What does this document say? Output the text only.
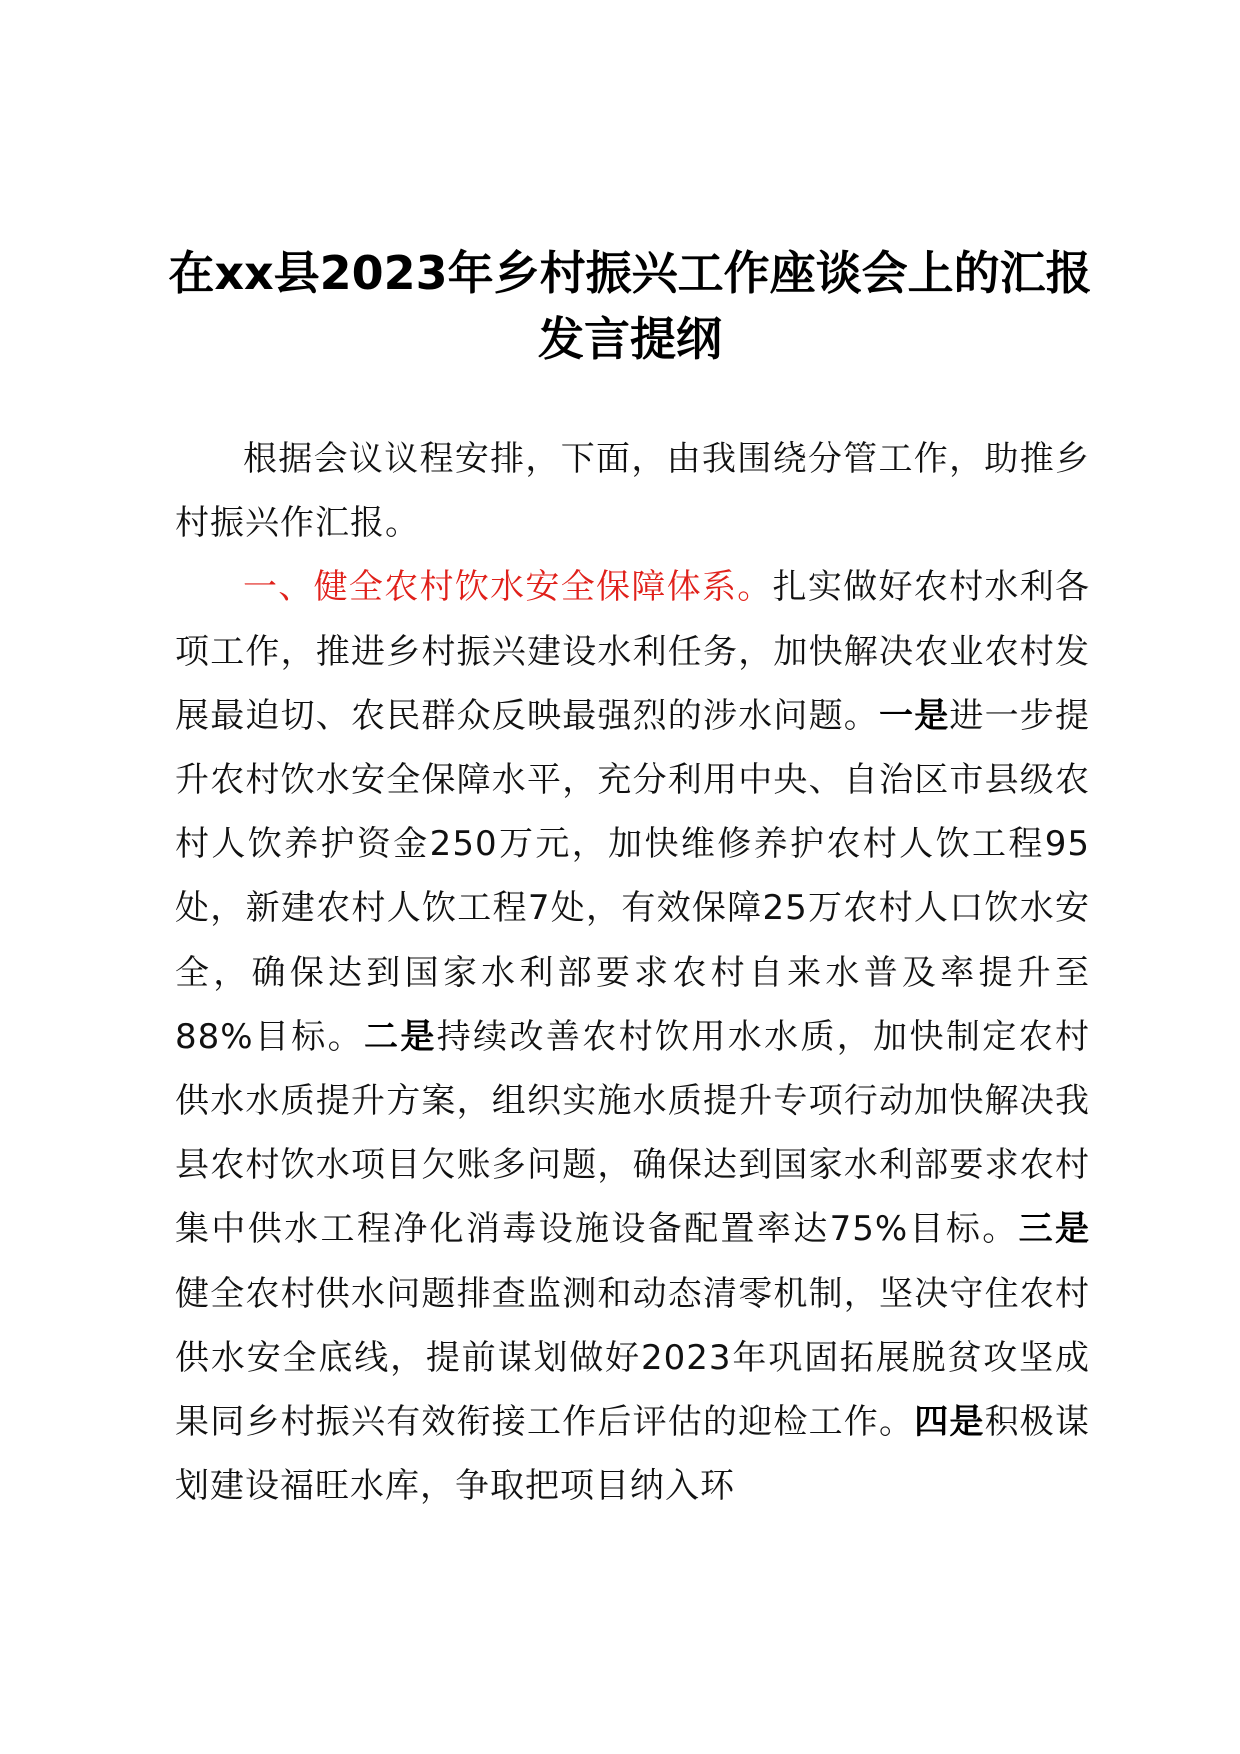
在xx县2023年乡村振兴工作座谈会上的汇报发言提纲

根据会议议程安排，下面，由我围绕分管工作，助推乡村振兴作汇报。

一、健全农村饮水安全保障体系。扎实做好农村水利各项工作，推进乡村振兴建设水利任务，加快解决农业农村发展最迫切、农民群众反映最强烈的涉水问题。一是进一步提升农村饮水安全保障水平，充分利用中央、自治区市县级农村人饮养护资金250万元，加快维修养护农村人饮工程95处，新建农村人饮工程7处，有效保障25万农村人口饮水安全，确保达到国家水利部要求农村自来水普及率提升至88%目标。二是持续改善农村饮用水水质，加快制定农村供水水质提升方案，组织实施水质提升专项行动加快解决我县农村饮水项目欠账多问题，确保达到国家水利部要求农村集中供水工程净化消毒设施设备配置率达75%目标。三是健全农村供水问题排查监测和动态清零机制，坚决守住农村供水安全底线，提前谋划做好2023年巩固拓展脱贫攻坚成果同乡村振兴有效衔接工作后评估的迎检工作。四是积极谋划建设福旺水库，争取把项目纳入环
